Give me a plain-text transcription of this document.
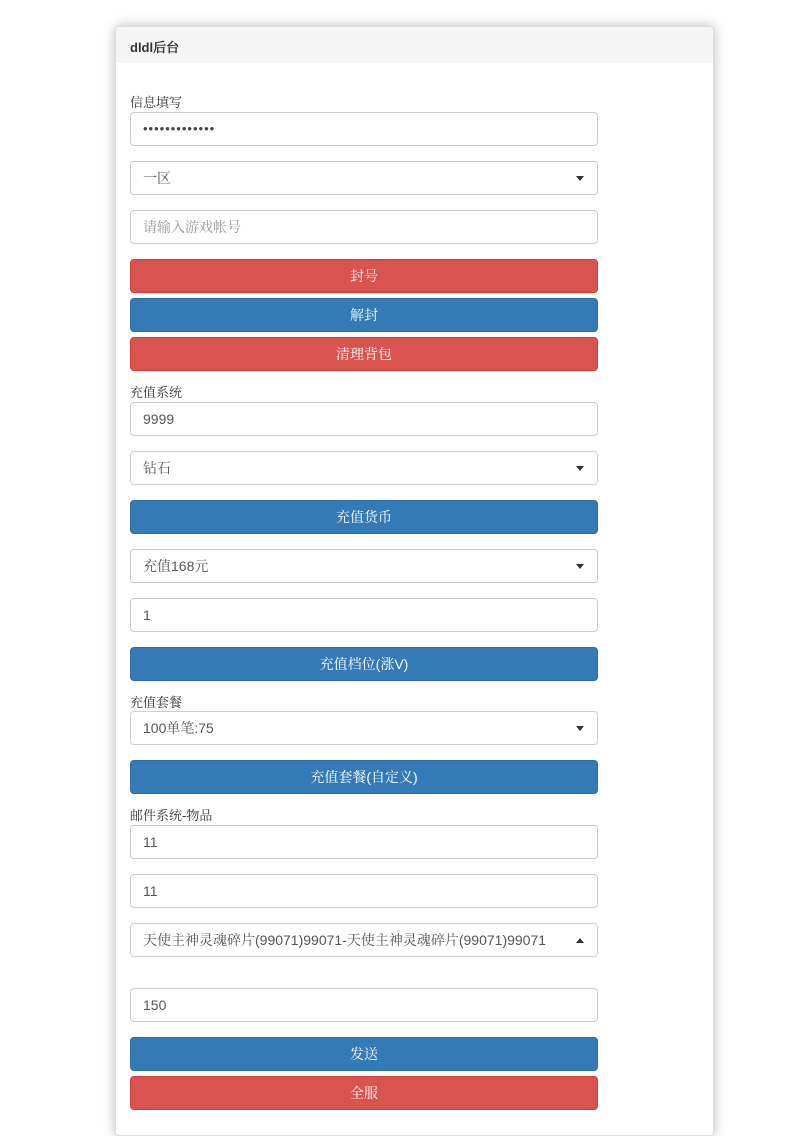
dldl后台
信息填写
•••••••••••••
一区
请输入游戏帐号
封号
解封
清理背包
充值系统
9999
钻石
充值货币
充值168元
1
充值档位(涨V)
充值套餐
100单笔:75
充值套餐(自定义)
邮件系统-物品
11
11
天使主神灵魂碎片(99071)99071-天使主神灵魂碎片(99071)99071
150
发送
全服
